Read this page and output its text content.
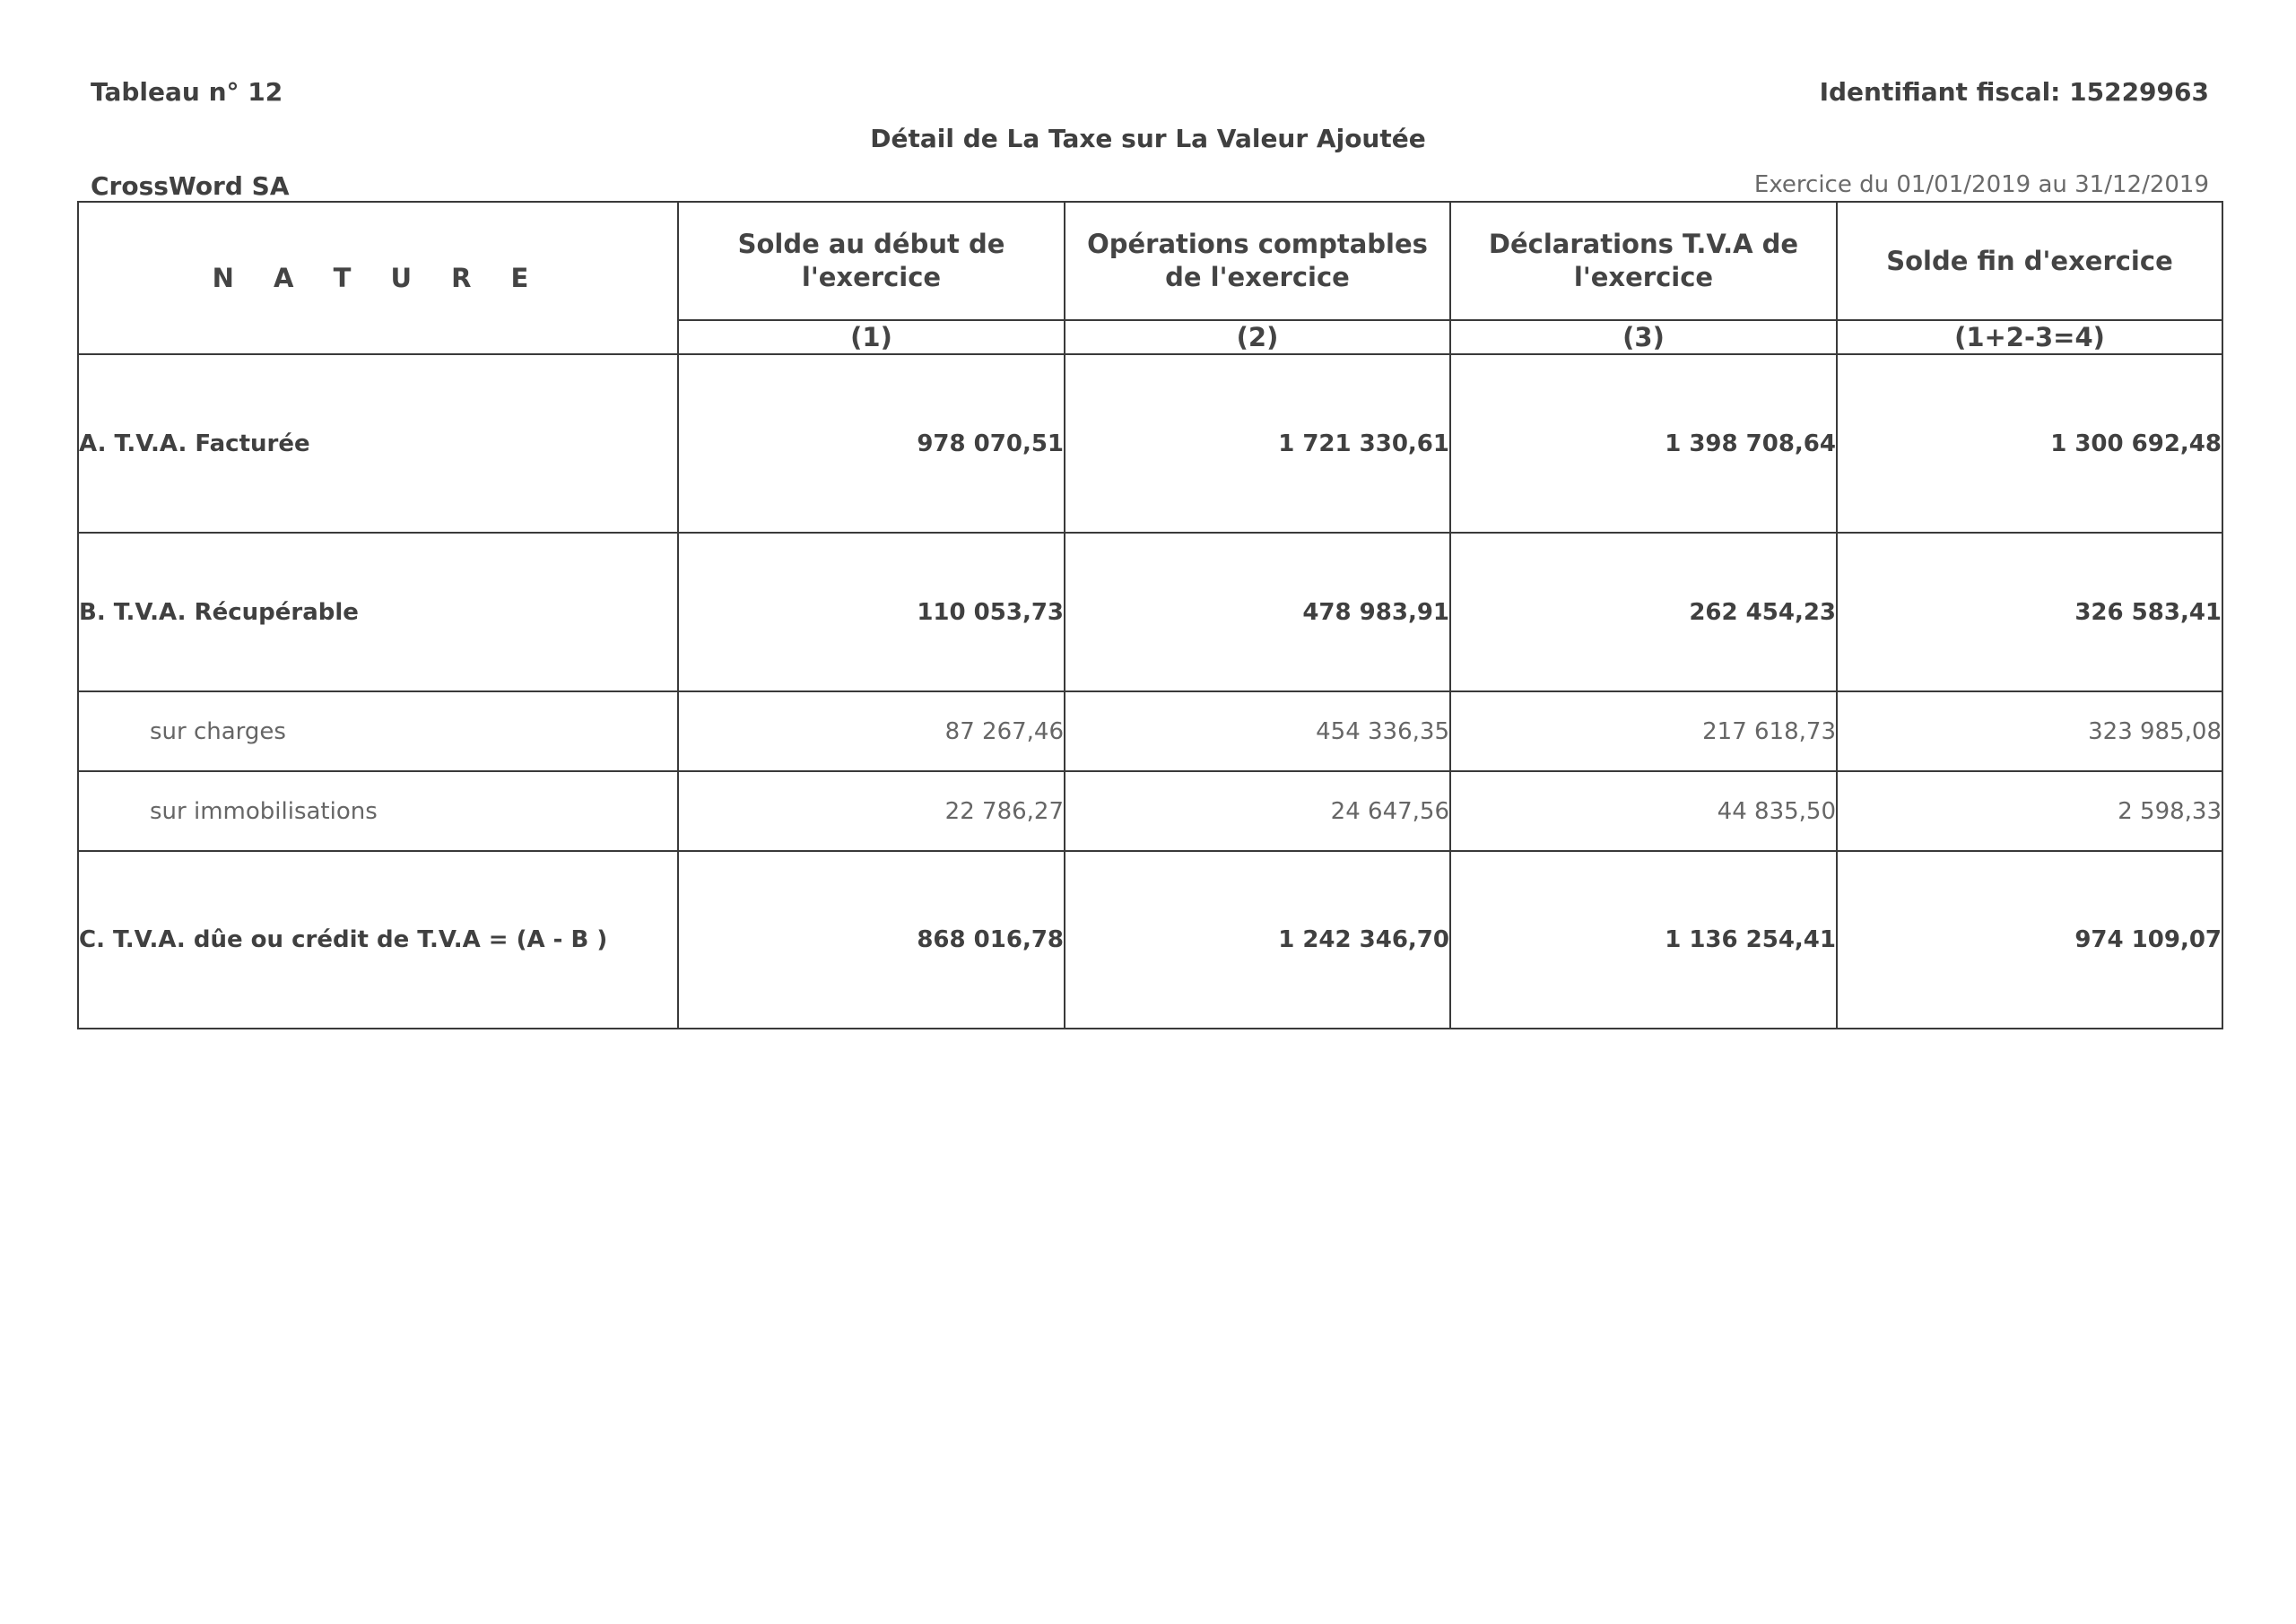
Tableau n° 12	Identifiant fiscal: 15229963
Détail de La Taxe sur La Valeur Ajoutée
CrossWord SA	Exercice du 01/01/2019 au 31/12/2019
N A T U R E	Solde au début de l'exercice	Opérations comptables de l'exercice	Déclarations T.V.A de l'exercice	Solde fin d'exercice
	(1)	(2)	(3)	(1+2-3=4)
A. T.V.A. Facturée	978 070,51	1 721 330,61	1 398 708,64	1 300 692,48
B. T.V.A. Récupérable	110 053,73	478 983,91	262 454,23	326 583,41
sur charges	87 267,46	454 336,35	217 618,73	323 985,08
sur immobilisations	22 786,27	24 647,56	44 835,50	2 598,33
C. T.V.A. dûe ou crédit de T.V.A = (A - B )	868 016,78	1 242 346,70	1 136 254,41	974 109,07
